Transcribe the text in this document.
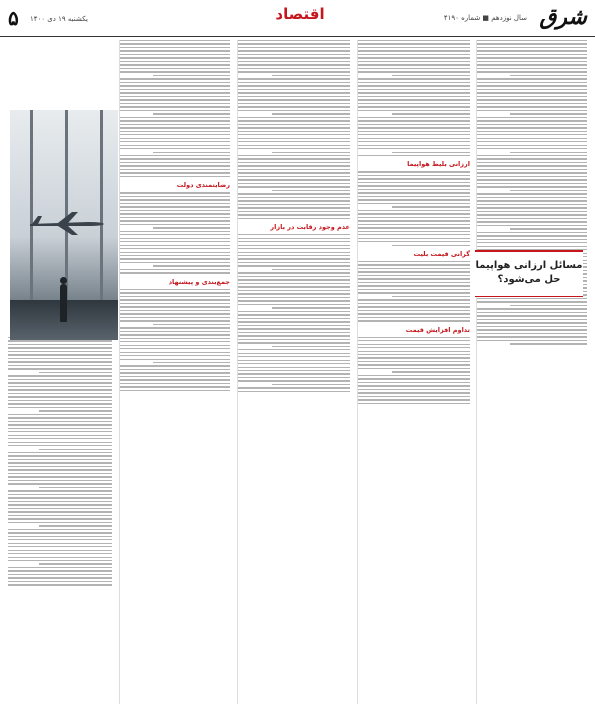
شرق
سال نوزدهم ■ شماره ۴۱۹۰
اقتصاد
یکشنبه ۱۹ دی ۱۴۰۰
۵
ارزانی بلیط هواپیما
گرانی قیمت بلیت
تداوم افزایش قیمت
عدم وجود رقابت در بازار
رضایتمندی دولت
جمع‌بندی و پیشنهاد
مسائل ارزانی هواپیما
حل می‌شود؟
